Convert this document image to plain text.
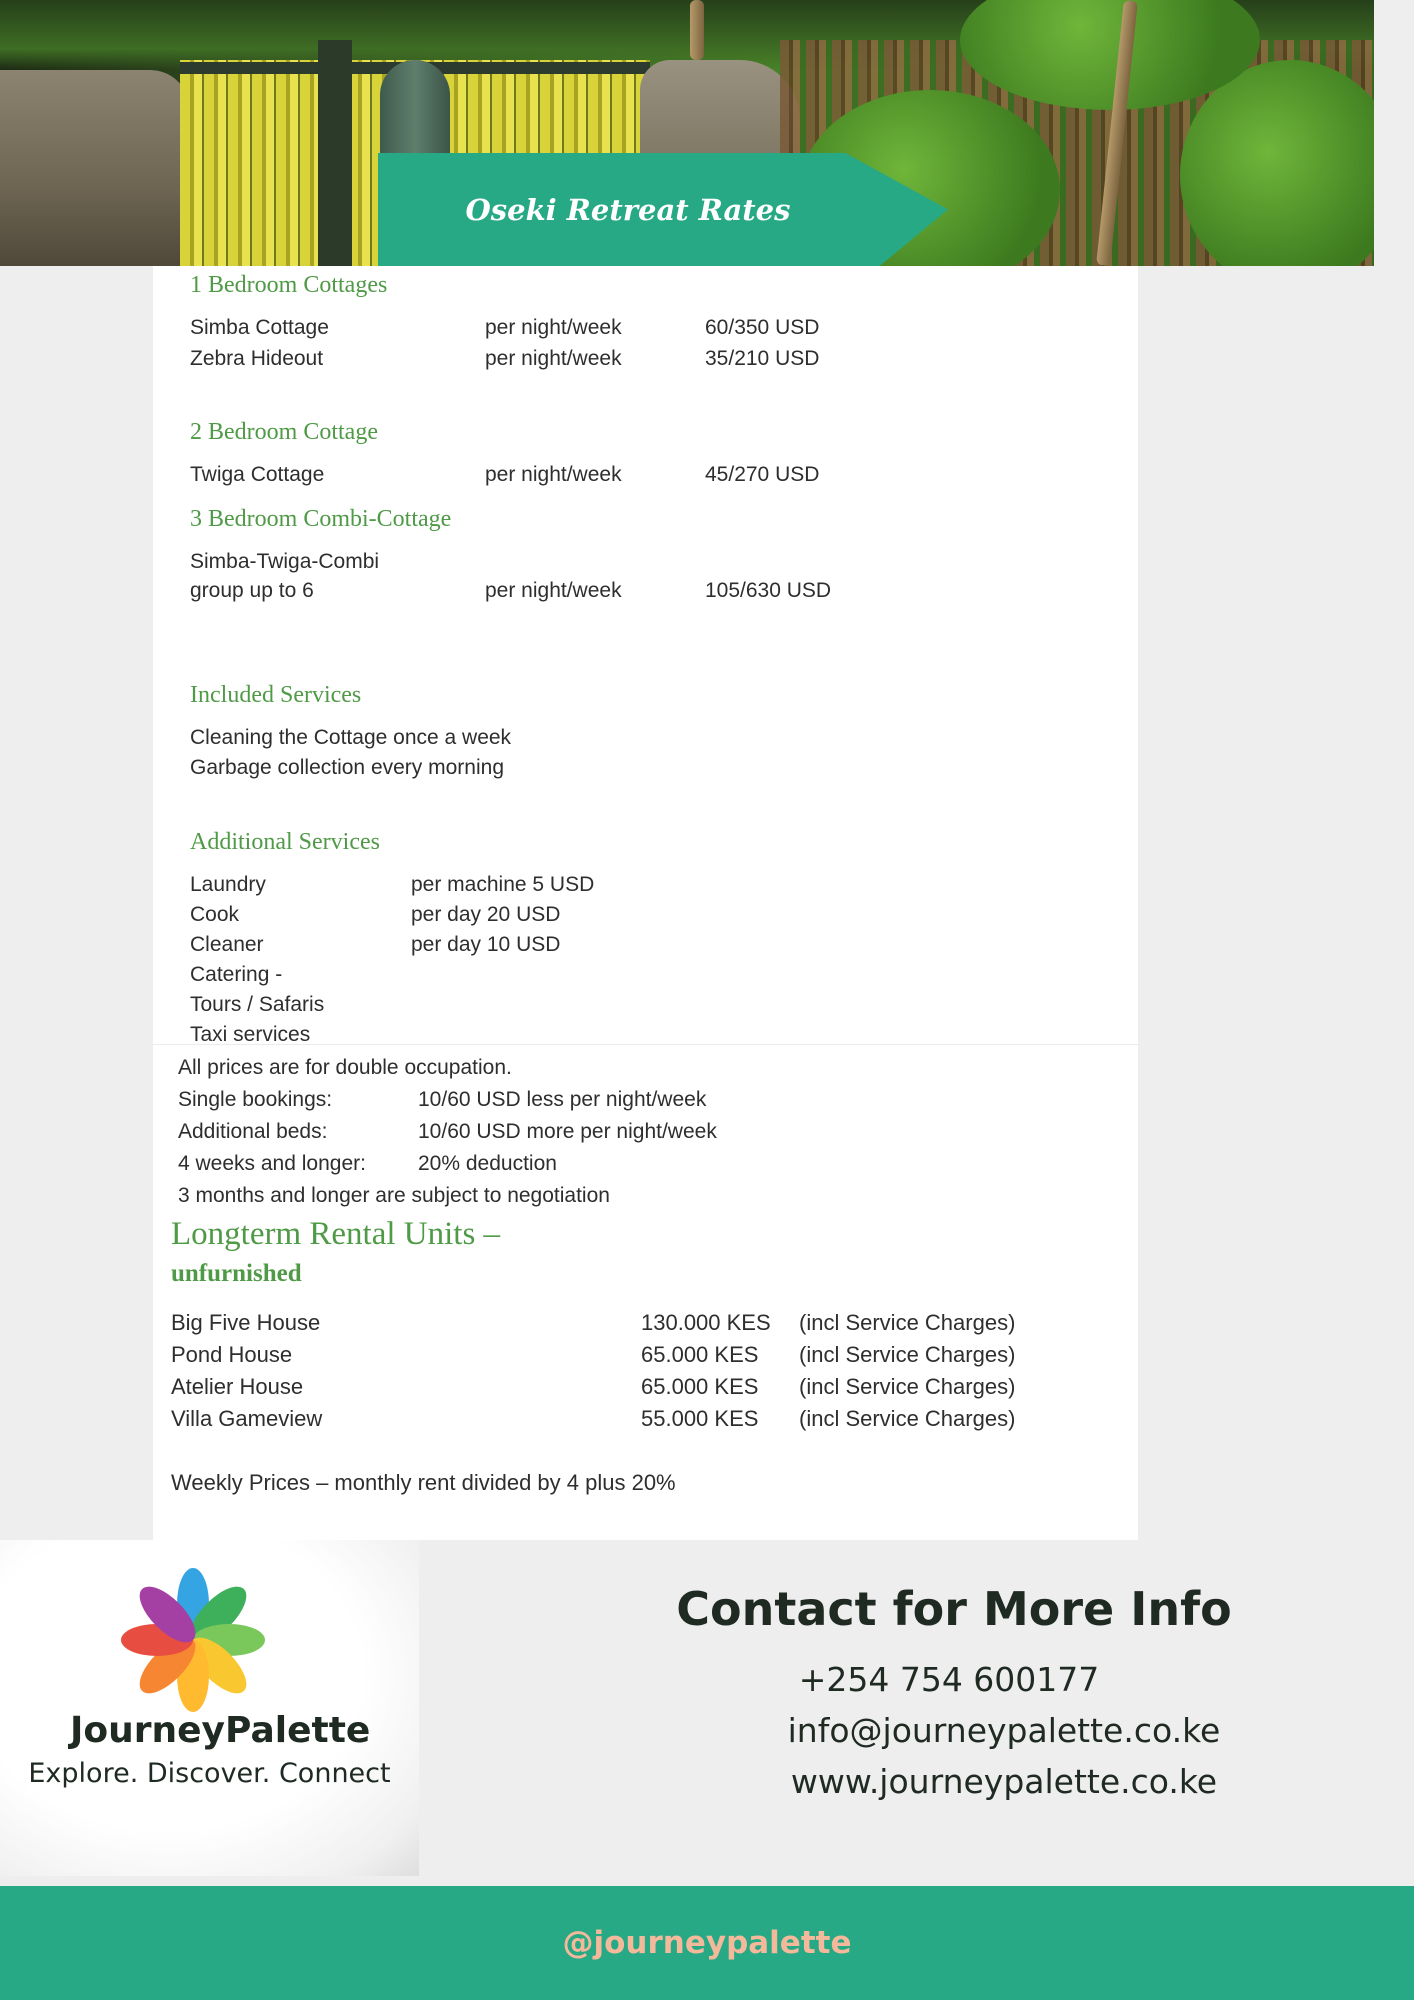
Oseki Retreat Rates
1 Bedroom Cottages
Simba Cottage	per night/week	60/350 USD
Zebra Hideout	per night/week	35/210 USD
2 Bedroom Cottage
Twiga Cottage	per night/week	45/270 USD
3 Bedroom Combi-Cottage
Simba-Twiga-Combi
group up to 6	per night/week	105/630 USD
Included Services
Cleaning the Cottage once a week
Garbage collection every morning
Additional Services
Laundry	per machine 5 USD
Cook	per day 20 USD
Cleaner	per day 10 USD
Catering -
Tours / Safaris
Taxi services
All prices are for double occupation.
Single bookings:	10/60 USD less per night/week
Additional beds:	10/60 USD more per night/week
4 weeks and longer: 20% deduction
3 months and longer are subject to negotiation
Longterm Rental Units –
unfurnished
Big Five House	130.000 KES (incl Service Charges)
Pond House	65.000 KES (incl Service Charges)
Atelier House	65.000 KES (incl Service Charges)
Villa Gameview	55.000 KES (incl Service Charges)
Weekly Prices – monthly rent divided by 4 plus 20%
JourneyPalette
Explore. Discover. Connect
Contact for More Info
+254 754 600177
info@journeypalette.co.ke
www.journeypalette.co.ke
@journeypalette
